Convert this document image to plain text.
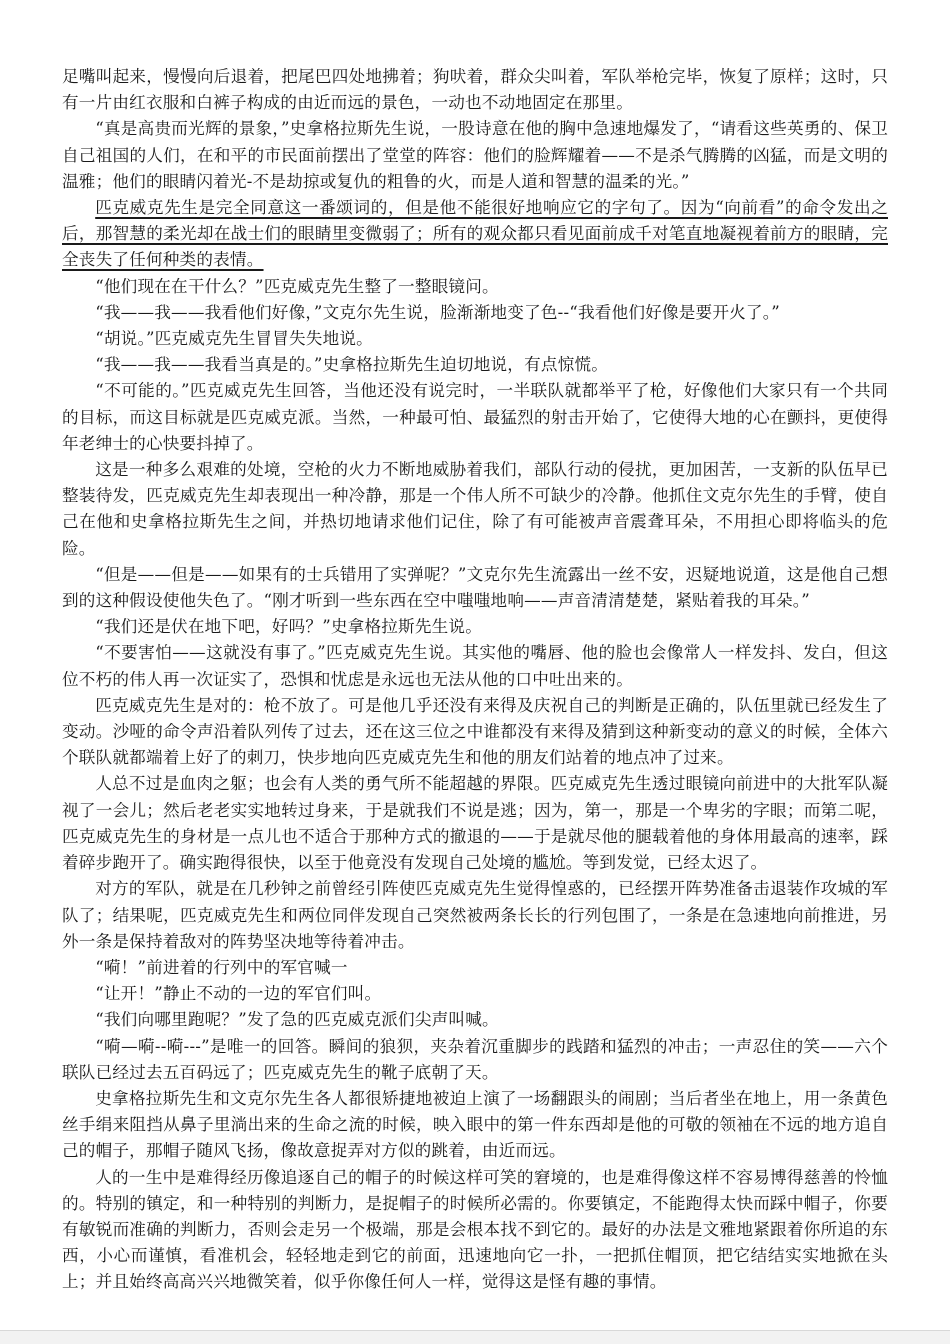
足嘴叫起来，慢慢向后退着，把尾巴四处地拂着；狗吠着，群众尖叫着，军队举枪完毕，恢复了原样；这时，只有一片由红衣服和白裤子构成的由近而远的景色，一动也不动地固定在那里。

“真是高贵而光辉的景象，”史拿格拉斯先生说，一股诗意在他的胸中急速地爆发了，“请看这些英勇的、保卫自己祖国的人们，在和平的市民面前摆出了堂堂的阵容：他们的脸辉耀着——不是杀气腾腾的凶猛，而是文明的温雅；他们的眼睛闪着光-不是劫掠或复仇的粗鲁的火，而是人道和智慧的温柔的光。”

匹克威克先生是完全同意这一番颂词的，但是他不能很好地响应它的字句了。因为“向前看”的命令发出之后，那智慧的柔光却在战士们的眼睛里变微弱了；所有的观众都只看见面前成千对笔直地凝视着前方的眼睛，完全丧失了任何种类的表情。

“他们现在在干什么？”匹克威克先生整了一整眼镜问。

“我——我——我看他们好像，”文克尔先生说，脸渐渐地变了色--“我看他们好像是要开火了。”

“胡说。”匹克威克先生冒冒失失地说。

“我——我——我看当真是的。”史拿格拉斯先生迫切地说，有点惊慌。

“不可能的。”匹克威克先生回答，当他还没有说完时，一半联队就都举平了枪，好像他们大家只有一个共同的目标，而这目标就是匹克威克派。当然，一种最可怕、最猛烈的射击开始了，它使得大地的心在颤抖，更使得年老绅士的心快要抖掉了。

这是一种多么艰难的处境，空枪的火力不断地威胁着我们，部队行动的侵扰，更加困苦，一支新的队伍早已整装待发，匹克威克先生却表现出一种冷静，那是一个伟人所不可缺少的冷静。他抓住文克尔先生的手臂，使自己在他和史拿格拉斯先生之间，并热切地请求他们记住，除了有可能被声音震聋耳朵，不用担心即将临头的危险。

“但是——但是——如果有的士兵错用了实弹呢？”文克尔先生流露出一丝不安，迟疑地说道，这是他自己想到的这种假设使他失色了。“刚才听到一些东西在空中嗤嗤地响——声音清清楚楚，紧贴着我的耳朵。”

“我们还是伏在地下吧，好吗？”史拿格拉斯先生说。

“不要害怕——这就没有事了。”匹克威克先生说。其实他的嘴唇、他的脸也会像常人一样发抖、发白，但这位不朽的伟人再一次证实了，恐惧和忧虑是永远也无法从他的口中吐出来的。

匹克威克先生是对的：枪不放了。可是他几乎还没有来得及庆祝自己的判断是正确的，队伍里就已经发生了变动。沙哑的命令声沿着队列传了过去，还在这三位之中谁都没有来得及猜到这种新变动的意义的时候，全体六个联队就都端着上好了的刺刀，快步地向匹克威克先生和他的朋友们站着的地点冲了过来。

人总不过是血肉之躯；也会有人类的勇气所不能超越的界限。匹克威克先生透过眼镜向前进中的大批军队凝视了一会儿；然后老老实实地转过身来，于是就我们不说是逃；因为，第一，那是一个卑劣的字眼；而第二呢，匹克威克先生的身材是一点儿也不适合于那种方式的撤退的——于是就尽他的腿载着他的身体用最高的速率，踩着碎步跑开了。确实跑得很快，以至于他竟没有发现自己处境的尴尬。等到发觉，已经太迟了。

对方的军队，就是在几秒钟之前曾经引阵使匹克威克先生觉得惶惑的，已经摆开阵势准备击退装作攻城的军队了；结果呢，匹克威克先生和两位同伴发现自己突然被两条长长的行列包围了，一条是在急速地向前推进，另外一条是保持着敌对的阵势坚决地等待着冲击。

“嗬！”前进着的行列中的军官喊一

“让开！”静止不动的一边的军官们叫。

“我们向哪里跑呢？”发了急的匹克威克派们尖声叫喊。

“嗬—嗬--嗬---”是唯一的回答。瞬间的狼狈，夹杂着沉重脚步的践踏和猛烈的冲击；一声忍住的笑——六个联队已经过去五百码远了；匹克威克先生的靴子底朝了天。

史拿格拉斯先生和文克尔先生各人都很矫捷地被迫上演了一场翻跟头的闹剧；当后者坐在地上，用一条黄色丝手绢来阻挡从鼻子里淌出来的生命之流的时候，映入眼中的第一件东西却是他的可敬的领袖在不远的地方追自己的帽子，那帽子随风飞扬，像故意捉弄对方似的跳着，由近而远。

人的一生中是难得经历像追逐自己的帽子的时候这样可笑的窘境的，也是难得像这样不容易博得慈善的怜恤的。特别的镇定，和一种特别的判断力，是捉帽子的时候所必需的。你要镇定，不能跑得太快而踩中帽子，你要有敏锐而准确的判断力，否则会走另一个极端，那是会根本找不到它的。最好的办法是文雅地紧跟着你所追的东西，小心而谨慎，看准机会，轻轻地走到它的前面，迅速地向它一扑，一把抓住帽顶，把它结结实实地掀在头上；并且始终高高兴兴地微笑着，似乎你像任何人一样，觉得这是怪有趣的事情。
